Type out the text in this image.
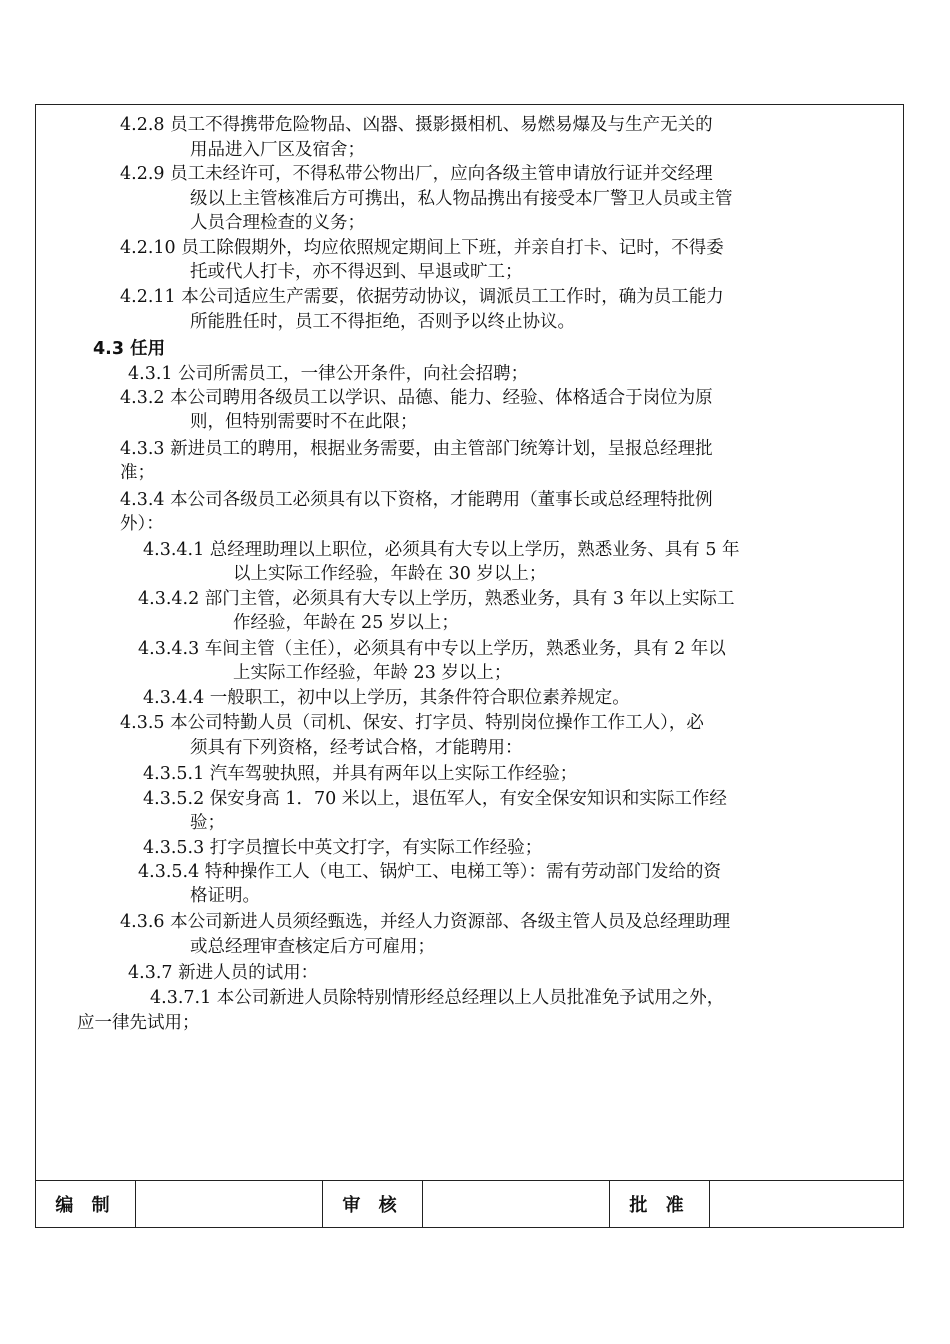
4.2.8 员工不得携带危险物品、凶器、摄影摄相机、易燃易爆及与生产无关的
用品进入厂区及宿舍；
4.2.9 员工未经许可，不得私带公物出厂，应向各级主管申请放行证并交经理
级以上主管核准后方可携出，私人物品携出有接受本厂警卫人员或主管
人员合理检查的义务；
4.2.10 员工除假期外，均应依照规定期间上下班，并亲自打卡、记时，不得委
托或代人打卡，亦不得迟到、早退或旷工；
4.2.11 本公司适应生产需要，依据劳动协议，调派员工工作时，确为员工能力
所能胜任时，员工不得拒绝，否则予以终止协议。
4.3 任用
4.3.1 公司所需员工，一律公开条件，向社会招聘；
4.3.2 本公司聘用各级员工以学识、品德、能力、经验、体格适合于岗位为原
则，但特别需要时不在此限；
4.3.3 新进员工的聘用，根据业务需要，由主管部门统筹计划，呈报总经理批
准；
4.3.4 本公司各级员工必须具有以下资格，才能聘用（董事长或总经理特批例
外）：
4.3.4.1 总经理助理以上职位，必须具有大专以上学历，熟悉业务、具有 5 年
以上实际工作经验，年龄在 30 岁以上；
4.3.4.2 部门主管，必须具有大专以上学历，熟悉业务，具有 3 年以上实际工
作经验，年龄在 25 岁以上；
4.3.4.3 车间主管（主任），必须具有中专以上学历，熟悉业务，具有 2 年以
上实际工作经验，年龄 23 岁以上；
4.3.4.4 一般职工，初中以上学历，其条件符合职位素养规定。
4.3.5 本公司特勤人员（司机、保安、打字员、特别岗位操作工作工人），必
须具有下列资格，经考试合格，才能聘用：
4.3.5.1 汽车驾驶执照，并具有两年以上实际工作经验；
4.3.5.2 保安身高 1．70 米以上，退伍军人，有安全保安知识和实际工作经
验；
4.3.5.3 打字员擅长中英文打字，有实际工作经验；
4.3.5.4 特种操作工人（电工、锅炉工、电梯工等）：需有劳动部门发给的资
格证明。
4.3.6 本公司新进人员须经甄选，并经人力资源部、各级主管人员及总经理助理
或总经理审查核定后方可雇用；
4.3.7 新进人员的试用：
4.3.7.1 本公司新进人员除特别情形经总经理以上人员批准免予试用之外，
应一律先试用；
编 制	审 核	批 准
